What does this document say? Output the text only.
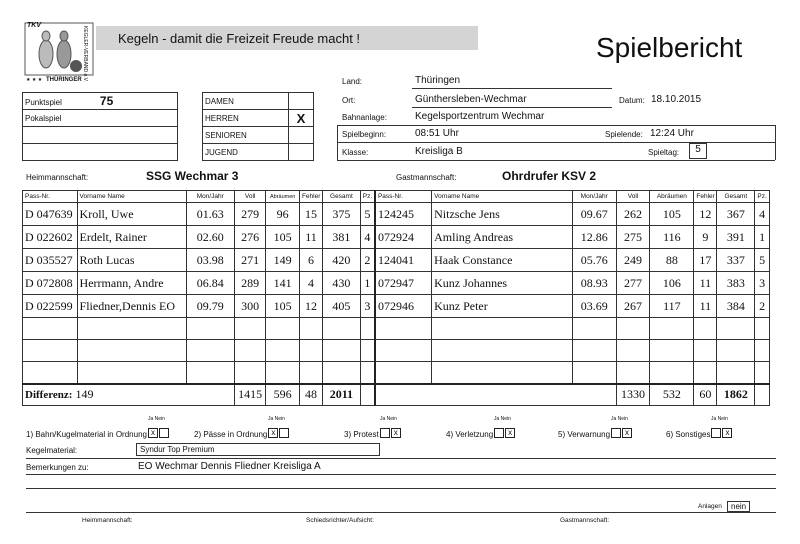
TKV
★ ★ ★ THÜRINGER KEGLER-VERBAND e.V. Kegeln - damit die Freizeit Freude macht !	Spielbericht
Punktspiel	75
Pokalspiel

DAMEN	
HERREN	X
SENIOREN	
JUGEND	
Land:	Thüringen
Ort:	Günthersleben-Wechmar	Datum: 18.10.2015
Bahnanlage:	Kegelsportzentrum Wechmar
Spielbeginn:	08:51 Uhr	Spielende: 12:24 Uhr
Klasse:	Kreisliga B	Spieltag:	5
Heimmannschaft:	SSG Wechmar 3	Gastmannschaft:	Ohrdrufer KSV 2
Pass-Nr.	Vorname Name	Mon/Jahr	Voll	Abräumen	Fehler	Gesamt	Pz.	Pass-Nr.	Vorname Name	Mon/Jahr	Voll	Abräumen	Fehler	Gesamt	Pz.
D 047639	Kroll, Uwe	01.63	279	96	15	375	5	124245	Nitzsche Jens	09.67	262	105	12	367	4
D 022602	Erdelt, Rainer	02.60	276	105	11	381	4	072924	Amling Andreas	12.86	275	116	9	391	1
D 035527	Roth Lucas	03.98	271	149	6	420	2	124041	Haak Constance	05.76	249	88	17	337	5
D 072808	Herrmann, Andre	06.84	289	141	4	430	1	072947	Kunz Johannes	08.93	277	106	11	383	3
D 022599	Fliedner,Dennis EO	09.79	300	105	12	405	3	072946	Kunz Peter	03.69	267	117	11	384	2

Differenz: 149			1415	596	48	2011					1330	532	60	1862	
Ja Nein
$_{1) Bahn/Kugelmaterial in Ordnung}$ x
Ja Nein
$_{2) Pässe in Ordnung}$ x
Ja Nein
$_{3) Protest}$ x
Ja Nein
$_{4) Verletzung}$ x
Ja Nein
$_{5) Verwarnung}$ x
Ja Nein
$_{6) Sonstiges}$ x
Kegelmaterial:	Syndur Top Premium
Bemerkungen zu:	EO Wechmar Dennis Fliedner Kreisliga A
Anlagen	nein
Heimmannschaft:	Schiedsrichter/Aufsicht:	Gastmannschaft:
